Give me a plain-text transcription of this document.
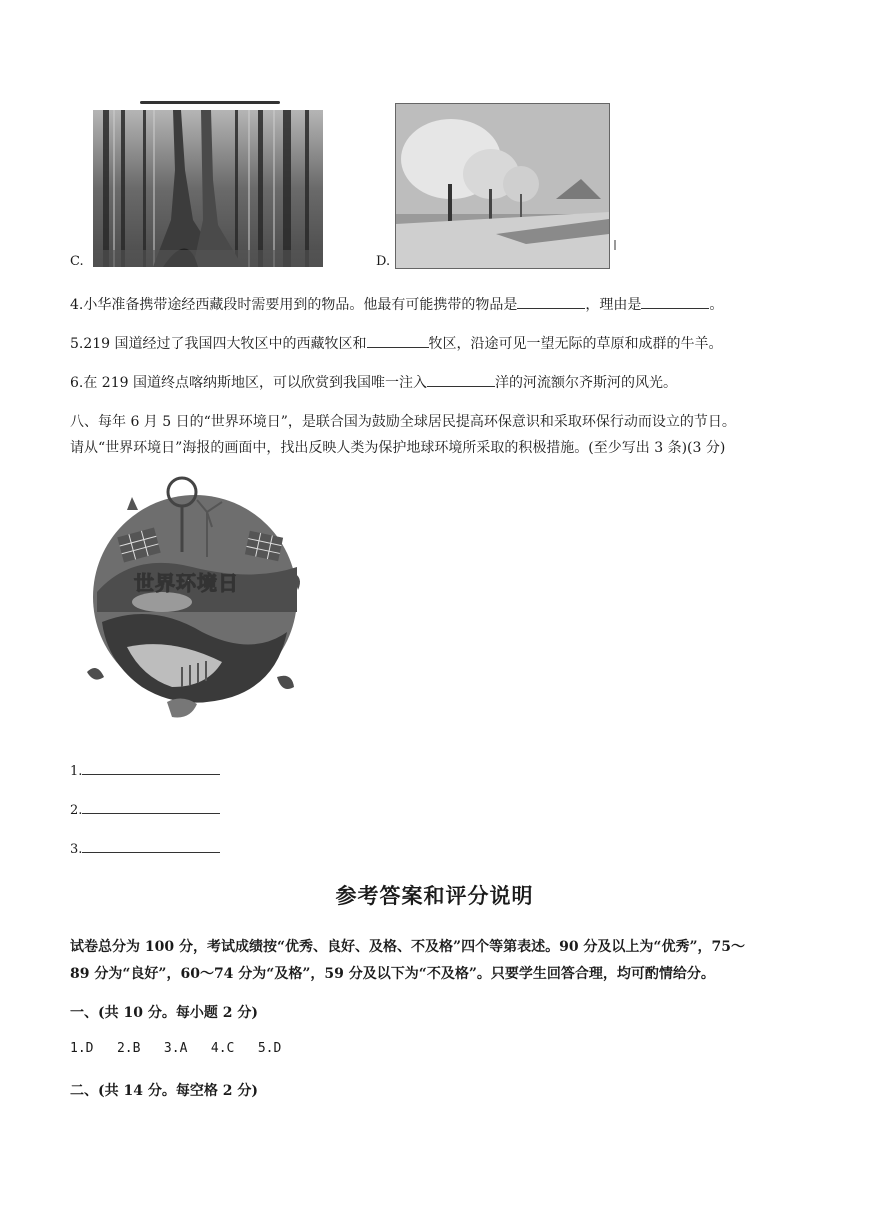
C.	D.
4.小华准备携带途经西藏段时需要用到的物品。他最有可能携带的物品是	，理由是	。
5.219 国道经过了我国四大牧区中的西藏牧区和	牧区，沿途可见一望无际的草原和成群的牛羊。
6.在 219 国道终点喀纳斯地区，可以欣赏到我国唯一注入	洋的河流额尔齐斯河的风光。
八、每年 6 月 5 日的“世界环境日”，是联合国为鼓励全球居民提高环保意识和采取环保行动而设立的节日。
请从“世界环境日”海报的画面中，找出反映人类为保护地球环境所采取的积极措施。(至少写出 3 条)(3 分)
世界环境日
1.
2.
3.
参考答案和评分说明
试卷总分为 100 分，考试成绩按“优秀、良好、及格、不及格”四个等第表述。90 分及以上为“优秀”，75～
89 分为“良好”，60～74 分为“及格”，59 分及以下为“不及格”。只要学生回答合理，均可酌情给分。
一、(共 10 分。每小题 2 分)
1.D   2.B   3.A   4.C   5.D
二、(共 14 分。每空格 2 分)
